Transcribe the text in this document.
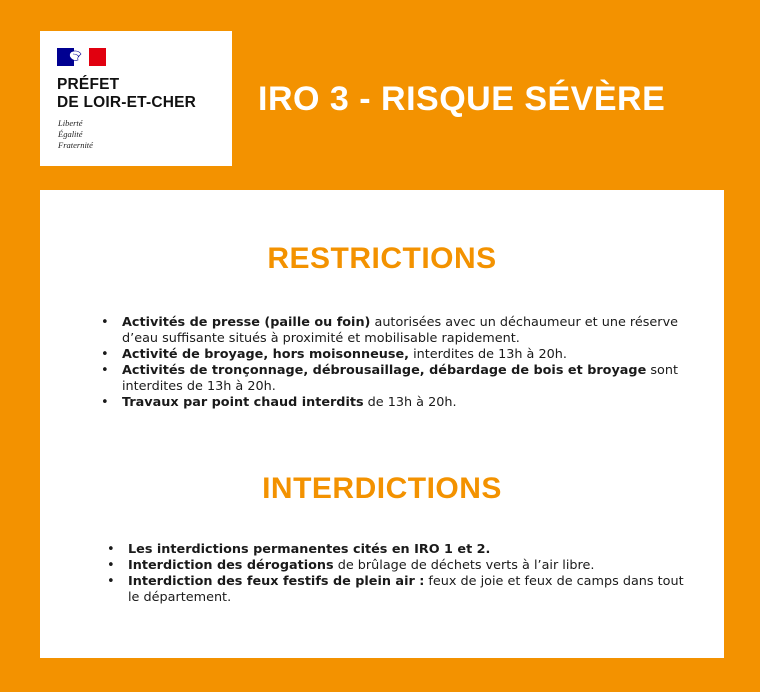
PRÉFET
DE LOIR-ET-CHER
Liberté
Égalité
Fraternité
IRO 3 - RISQUE SÉVÈRE
RESTRICTIONS
• Activités de presse (paille ou foin) autorisées avec un déchaumeur et une réserve d’eau suffisante situés à proximité et mobilisable rapidement.
• Activité de broyage, hors moisonneuse, interdites de 13h à 20h.
• Activités de tronçonnage, débrousaillage, débardage de bois et broyage sont interdites de 13h à 20h.
• Travaux par point chaud interdits de 13h à 20h.
INTERDICTIONS
• Les interdictions permanentes cités en IRO 1 et 2.
• Interdiction des dérogations de brûlage de déchets verts à l’air libre.
• Interdiction des feux festifs de plein air : feux de joie et feux de camps dans tout le département.
